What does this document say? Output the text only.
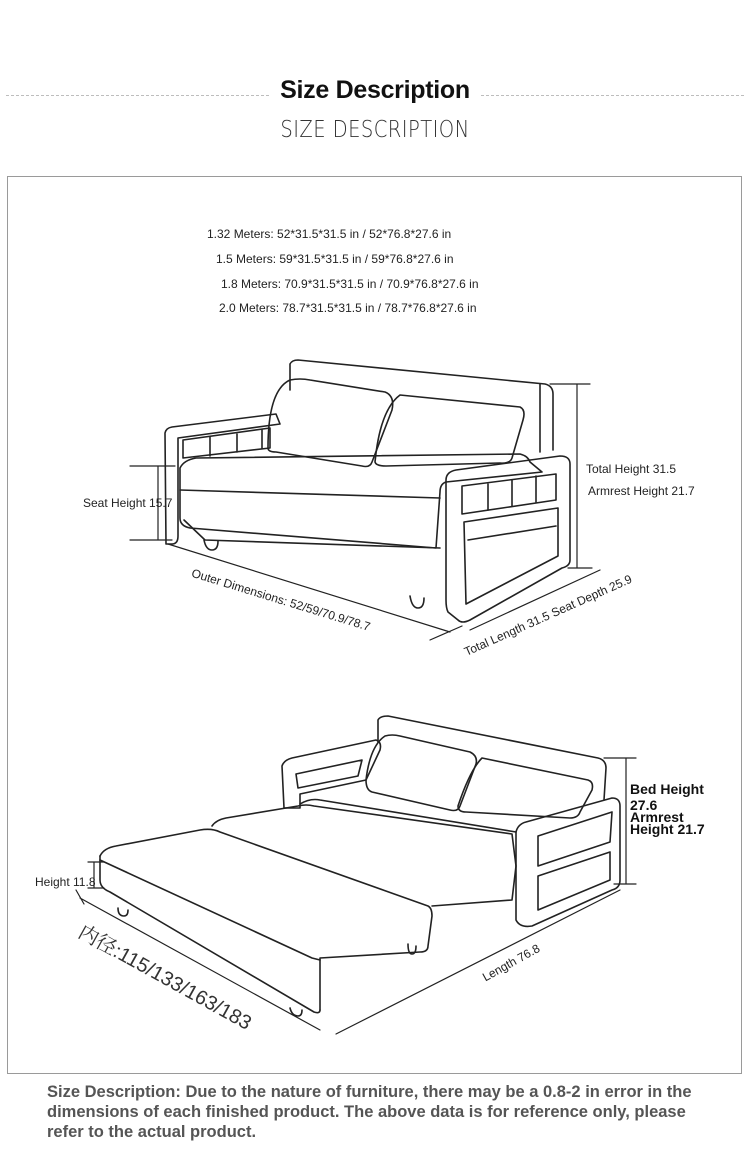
Size Description
SIZE DESCRIPTION
1.32 Meters: 52*31.5*31.5 in / 52*76.8*27.6 in
1.5 Meters: 59*31.5*31.5 in / 59*76.8*27.6 in
1.8 Meters: 70.9*31.5*31.5 in / 70.9*76.8*27.6 in
2.0 Meters: 78.7*31.5*31.5 in / 78.7*76.8*27.6 in
Seat Height 15.7
Total Height 31.5
Armrest Height 21.7
Outer Dimensions: 52/59/70.9/78.7	Total Length 31.5 Seat Depth 25.9
Bed Height
27.6
Armrest
Height 21.7
Height 11.8
内径:115/133/163/183	Length 76.8
Size Description: Due to the nature of furniture, there may be a 0.8-2 in error in the dimensions of each finished product. The above data is for reference only, please refer to the actual product.
